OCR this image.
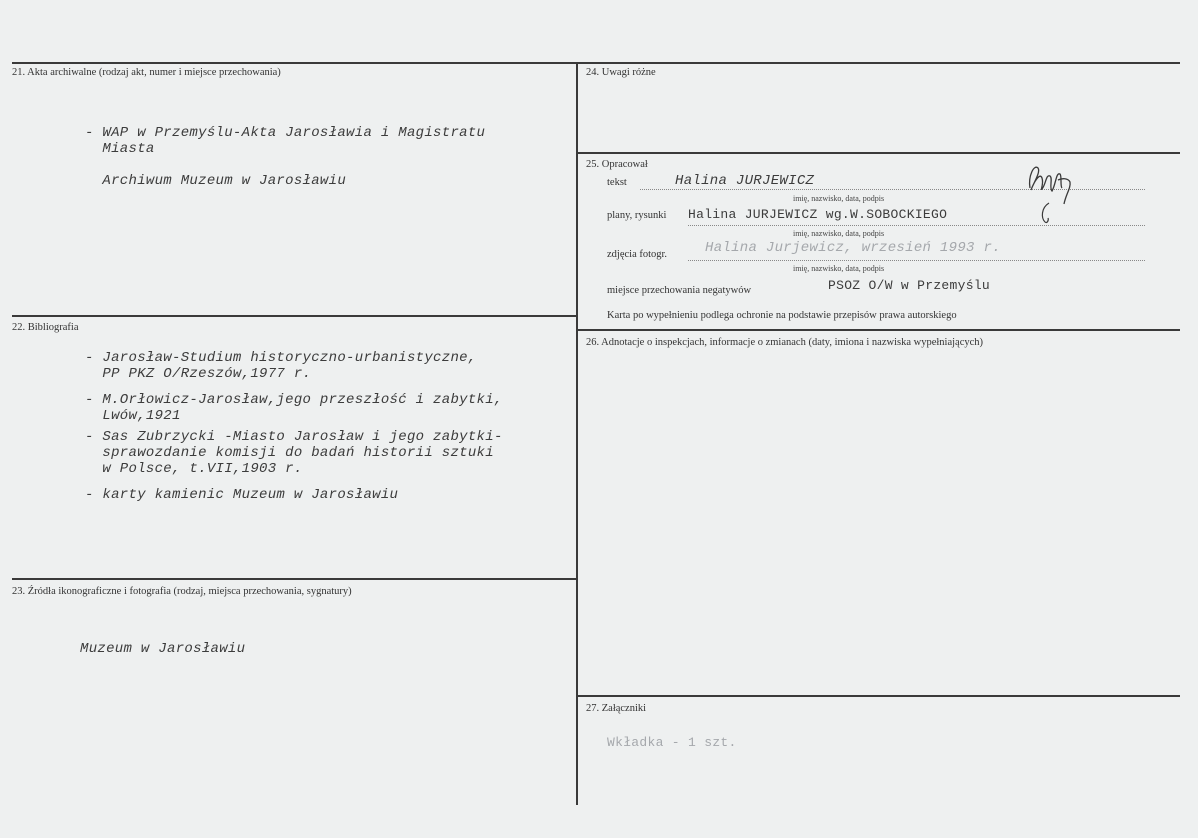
21. Akta archiwalne (rodzaj akt, numer i miejsce przechowania)
- WAP w Przemyślu-Akta Jarosławia i Magistratu
Miasta
Archiwum Muzeum w Jarosławiu
22. Bibliografia
- Jarosław-Studium historyczno-urbanistyczne,
PP PKZ O/Rzeszów,1977 r.
- M.Orłowicz-Jarosław,jego przeszłość i zabytki,
Lwów,1921
- Sas Zubrzycki -Miasto Jarosław i jego zabytki-
sprawozdanie komisji do badań historii sztuki
w Polsce, t.VII,1903 r.
- karty kamienic Muzeum w Jarosławiu
23. Źródła ikonograficzne i fotografia (rodzaj, miejsca przechowania, sygnatury)
Muzeum w Jarosławiu
24. Uwagi różne
25. Opracował
tekst	Halina JURJEWICZ
imię, nazwisko, data, podpis
plany, rysunki Halina JURJEWICZ wg.W.SOBOCKIEGO
imię, nazwisko, data, podpis
zdjęcia fotogr.	Halina Jurjewicz, wrzesień 1993 r.
imię, nazwisko, data, podpis
miejsce przechowania negatywów	PSOZ O/W w Przemyślu
Karta po wypełnieniu podlega ochronie na podstawie przepisów prawa autorskiego
26. Adnotacje o inspekcjach, informacje o zmianach (daty, imiona i nazwiska wypełniających)
27. Załączniki
Wkładka - 1 szt.
